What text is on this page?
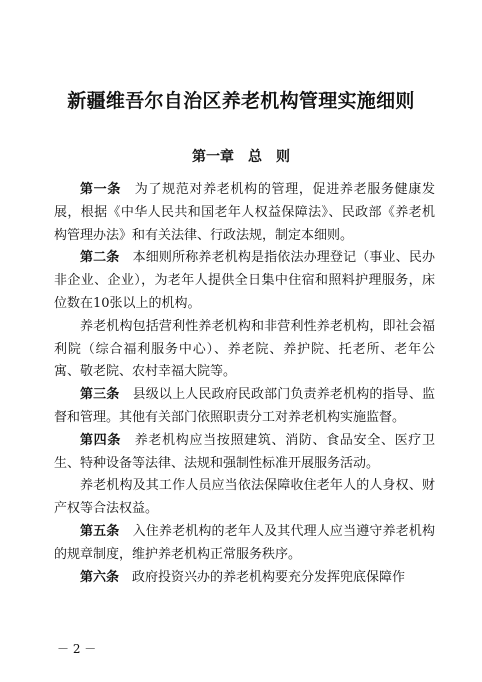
新疆维吾尔自治区养老机构管理实施细则
第一章　总　则

第一条　为了规范对养老机构的管理，促进养老服务健康发展，根据《中华人民共和国老年人权益保障法》、民政部《养老机构管理办法》和有关法律、行政法规，制定本细则。

第二条　本细则所称养老机构是指依法办理登记（事业、民办非企业、企业），为老年人提供全日集中住宿和照料护理服务，床位数在10张以上的机构。

养老机构包括营利性养老机构和非营利性养老机构，即社会福利院（综合福利服务中心）、养老院、养护院、托老所、老年公寓、敬老院、农村幸福大院等。

第三条　县级以上人民政府民政部门负责养老机构的指导、监督和管理。其他有关部门依照职责分工对养老机构实施监督。

第四条　养老机构应当按照建筑、消防、食品安全、医疗卫生、特种设备等法律、法规和强制性标准开展服务活动。

养老机构及其工作人员应当依法保障收住老年人的人身权、财产权等合法权益。

第五条　入住养老机构的老年人及其代理人应当遵守养老机构的规章制度，维护养老机构正常服务秩序。

第六条　政府投资兴办的养老机构要充分发挥兜底保障作

－ 2 －
